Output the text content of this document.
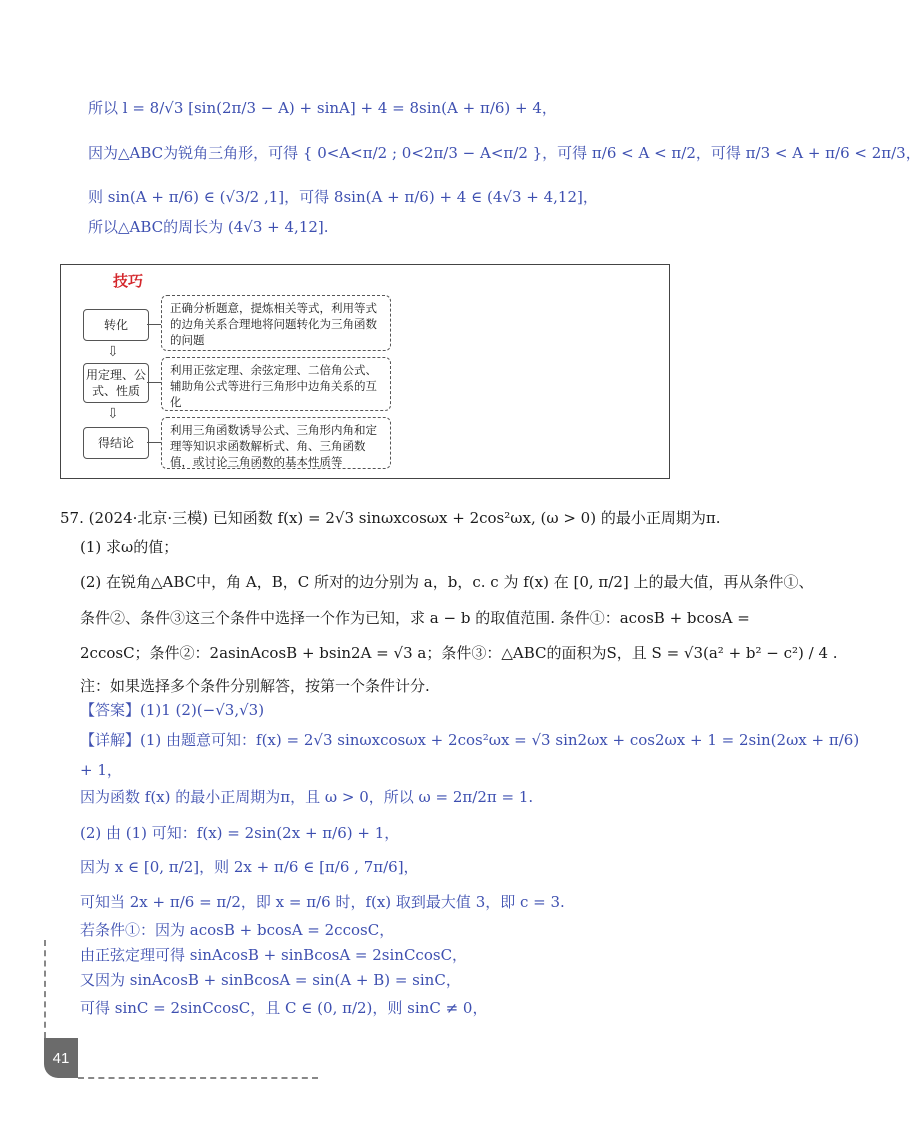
所以 l = 8/√3 [sin(2π/3 − A) + sinA] + 4 = 8sin(A + π/6) + 4，
因为△ABC为锐角三角形，可得 { 0<A<π/2 ; 0<2π/3 − A<π/2 }，可得 π/6 < A < π/2，可得 π/3 < A + π/6 < 2π/3，
则 sin(A + π/6) ∈ (√3/2 ,1]，可得 8sin(A + π/6) + 4 ∈ (4√3 + 4,12]，
所以△ABC的周长为 (4√3 + 4,12].
技巧
转化
正确分析题意，提炼相关等式，利用等式的边角关系合理地将问题转化为三角函数的问题
⇩
用定理、公式、性质
利用正弦定理、余弦定理、二倍角公式、辅助角公式等进行三角形中边角关系的互化
⇩
得结论
利用三角函数诱导公式、三角形内角和定理等知识求函数解析式、角、三角函数值，或讨论三角函数的基本性质等
57. (2024·北京·三模) 已知函数 f(x) = 2√3 sinωxcosωx + 2cos²ωx, (ω > 0) 的最小正周期为π.
(1) 求ω的值；
(2) 在锐角△ABC中，角 A，B，C 所对的边分别为 a，b，c. c 为 f(x) 在 [0, π/2] 上的最大值，再从条件①、
条件②、条件③这三个条件中选择一个作为已知，求 a − b 的取值范围. 条件①：acosB + bcosA =
2ccosC；条件②：2asinAcosB + bsin2A = √3 a；条件③：△ABC的面积为S，且 S = √3(a² + b² − c²) / 4 .
注：如果选择多个条件分别解答，按第一个条件计分.
【答案】(1)1 (2)(−√3,√3)
【详解】(1) 由题意可知：f(x) = 2√3 sinωxcosωx + 2cos²ωx = √3 sin2ωx + cos2ωx + 1 = 2sin(2ωx + π/6)
+ 1，
因为函数 f(x) 的最小正周期为π，且 ω > 0，所以 ω = 2π/2π = 1.
(2) 由 (1) 可知：f(x) = 2sin(2x + π/6) + 1，
因为 x ∈ [0, π/2]，则 2x + π/6 ∈ [π/6 , 7π/6]，
可知当 2x + π/6 = π/2，即 x = π/6 时，f(x) 取到最大值 3，即 c = 3.
若条件①：因为 acosB + bcosA = 2ccosC，
由正弦定理可得 sinAcosB + sinBcosA = 2sinCcosC，
又因为 sinAcosB + sinBcosA = sin(A + B) = sinC，
可得 sinC = 2sinCcosC，且 C ∈ (0, π/2)，则 sinC ≠ 0，
41
